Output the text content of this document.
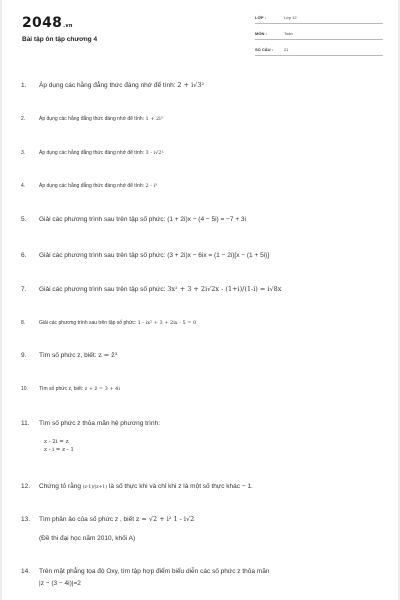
2048.vn
Bài tập ôn tập chương 4
LỚP :	Lớp 12
MÔN :	Toán
SỐ CÂU :	21
1. Áp dụng các hằng đẳng thức đáng nhớ để tính: 2 + i√3²
2.	Áp dụng các hằng đẳng thức đáng nhớ để tính: 1 + 2i³
3.	Áp dụng các hằng đẳng thức đáng nhớ để tính: 3 - i√2²
4.	Áp dụng các hằng đẳng thức đáng nhớ để tính: 2 - i³
5. Giải các phương trình sau trên tập số phức: (1 + 2i)x − (4 − 5i) = −7 + 3i
6. Giải các phương trình sau trên tập số phức: (3 + 2i)x − 6ix = (1 − 2i)[x − (1 + 5i)]
7. Giải các phương trình sau trên tập số phức: 3x² + 3 + 2i√2x - (1+i)/(1-i) = i√8x
8.	Giải các phương trình sau trên tập số phức: 1 - ix² + 3 + 2ix - 5 = 0
9. Tìm số phức z, biết: z = z̄³
10. Tìm số phức z, biết: z + z̄ = 3 + 4i
11. Tìm số phức z thỏa mãn hệ phương trình:
z - 2i = z
z - i = z - 1
12. Chứng tỏ rằng (z-1)/(z+1) là số thực khi và chỉ khi z là một số thực khác − 1.
13. Tìm phần ảo của số phức z , biết z = √2 + i² 1 - i√2
(Đề thi đại học năm 2010, khối A)
14. Trên mặt phẳng tọa độ Oxy, tìm tập hợp điểm biểu diễn các số phức z thỏa mãn
|z − (3 − 4i)|=2
